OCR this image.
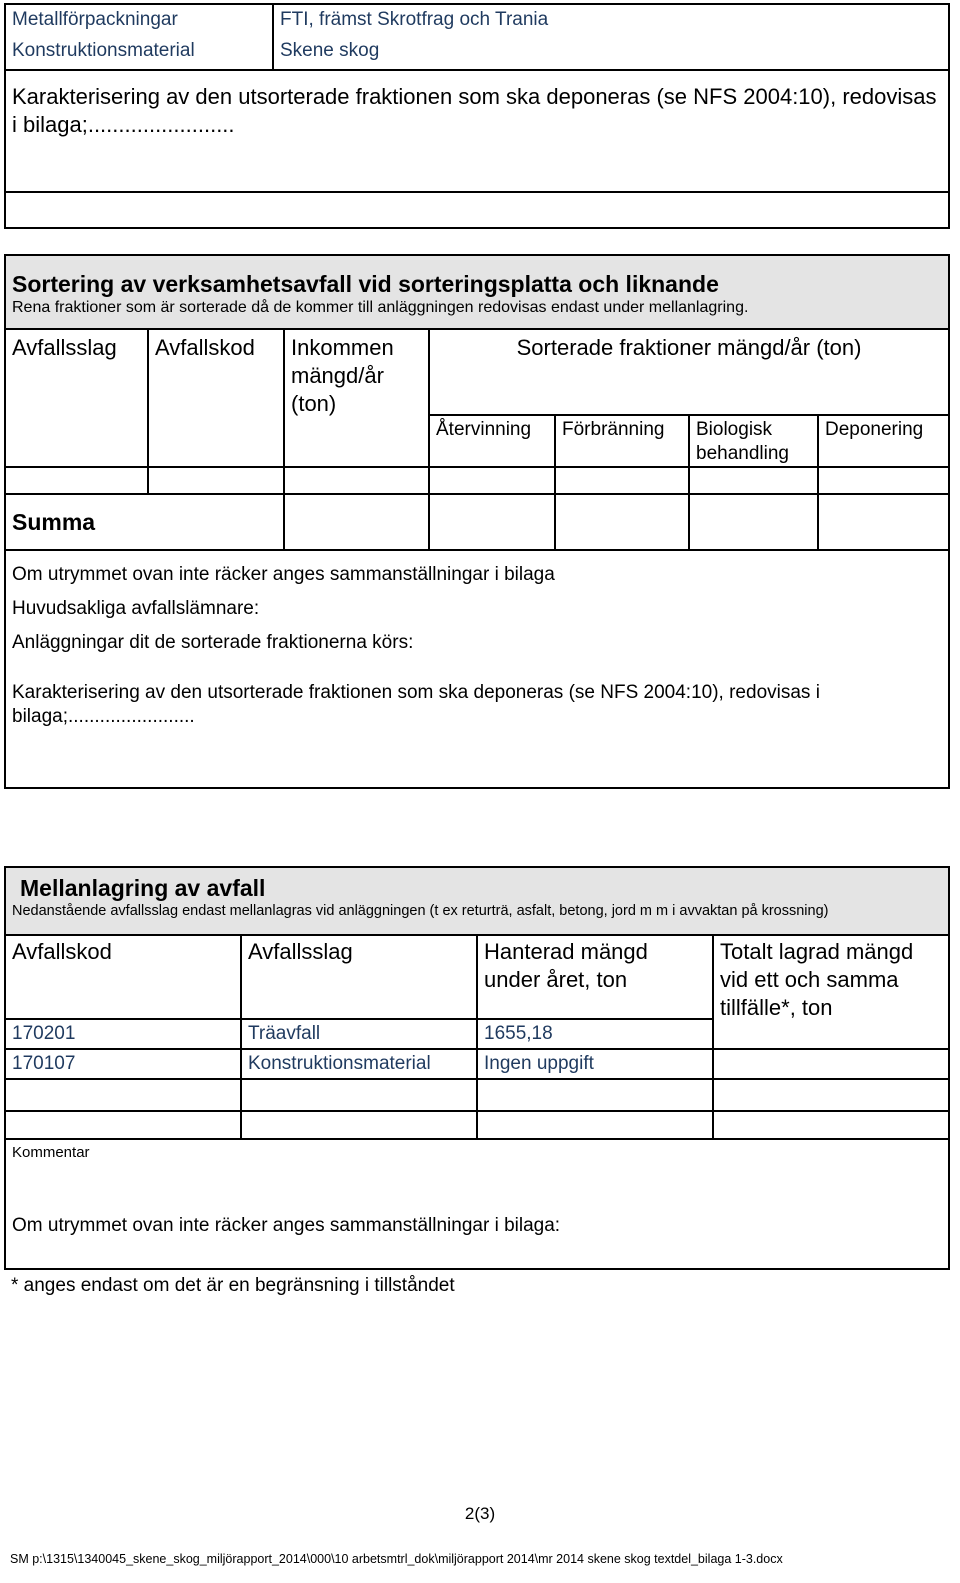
Metallförpackningar	FTI, främst Skrotfrag och Trania
Konstruktionsmaterial	Skene skog
Karakterisering av den utsorterade fraktionen som ska deponeras (se NFS 2004:10), redovisas i bilaga;........................	

Sortering av verksamhetsavfall vid sorteringsplatta och liknande
Rena fraktioner som är sorterade då de kommer till anläggningen redovisas endast under mellanlagring.						

Avfallsslag	Avfallskod	Inkommen mängd/år (ton)	Sorterade fraktioner mängd/år (ton)			
			Återvinning	Förbränning	Biologisk behandling	Deponering

Summa						

Om utrymmet ovan inte räcker anges sammanställningar i bilaga
Huvudsakliga avfallslämnare:
Anläggningar dit de sorterade fraktionerna körs:
Karakterisering av den utsorterade fraktionen som ska deponeras (se NFS 2004:10), redovisas i bilaga;........................						
Mellanlagring av avfall
Nedanstående avfallsslag endast mellanlagras vid anläggningen (t ex returträ, asfalt, betong, jord m m i avvaktan på krossning)			

Avfallskod	Avfallsslag	Hanterad mängd under året, ton	Totalt lagrad mängd vid ett och samma tillfälle*, ton
170201	Träavfall	1655,18	
170107	Konstruktionsmaterial	Ingen uppgift	

Kommentar
Om utrymmet ovan inte räcker anges sammanställningar i bilaga:			

* anges endast om det är en begränsning i tillståndet			
2(3)
SM p:\1315\1340045_skene_skog_miljörapport_2014\000\10 arbetsmtrl_dok\miljörapport 2014\mr 2014 skene skog textdel_bilaga 1-3.docx
